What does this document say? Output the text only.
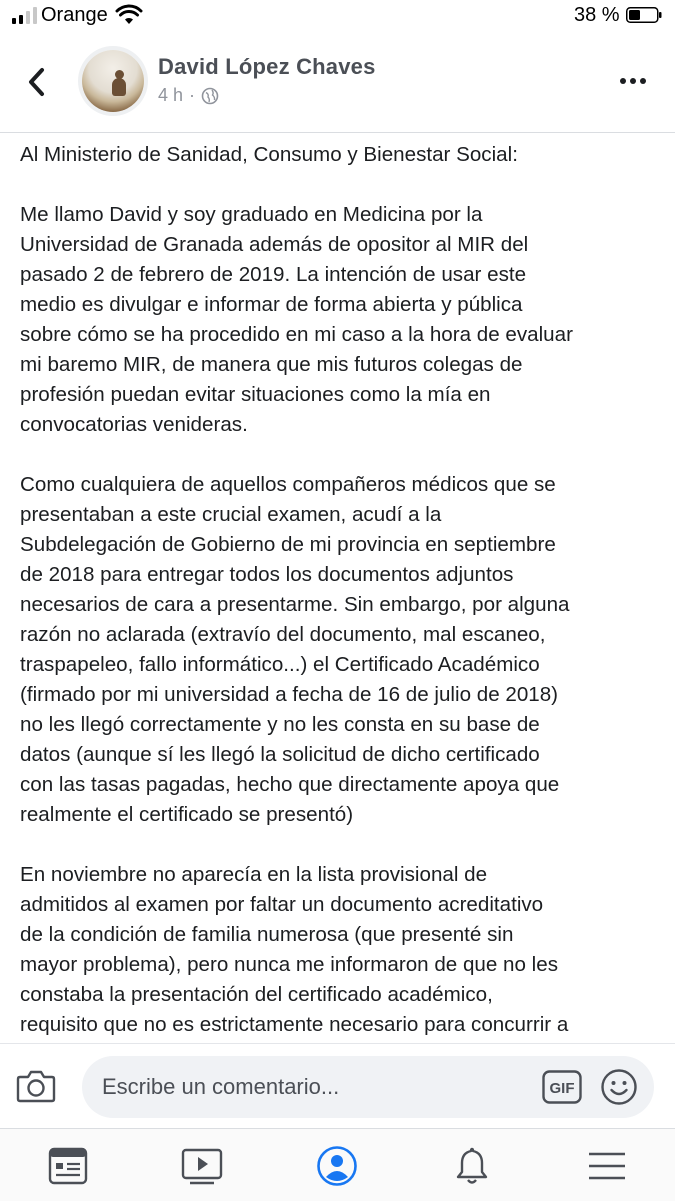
Orange	38 %
David López Chaves
4 h ·

Al Ministerio de Sanidad, Consumo y Bienestar Social:

Me llamo David y soy graduado en Medicina por la
Universidad de Granada además de opositor al MIR del
pasado 2 de febrero de 2019. La intención de usar este
medio es divulgar e informar de forma abierta y pública
sobre cómo se ha procedido en mi caso a la hora de evaluar
mi baremo MIR, de manera que mis futuros colegas de
profesión puedan evitar situaciones como la mía en
convocatorias venideras.

Como cualquiera de aquellos compañeros médicos que se
presentaban a este crucial examen, acudí a la
Subdelegación de Gobierno de mi provincia en septiembre
de 2018 para entregar todos los documentos adjuntos
necesarios de cara a presentarme. Sin embargo, por alguna
razón no aclarada (extravío del documento, mal escaneo,
traspapeleo, fallo informático...) el Certificado Académico
(firmado por mi universidad a fecha de 16 de julio de 2018)
no les llegó correctamente y no les consta en su base de
datos (aunque sí les llegó la solicitud de dicho certificado
con las tasas pagadas, hecho que directamente apoya que
realmente el certificado se presentó)

En noviembre no aparecía en la lista provisional de
admitidos al examen por faltar un documento acreditativo
de la condición de familia numerosa (que presenté sin
mayor problema), pero nunca me informaron de que no les
constaba la presentación del certificado académico,
requisito que no es estrictamente necesario para concurrir a

Escribe un comentario...	GIF
